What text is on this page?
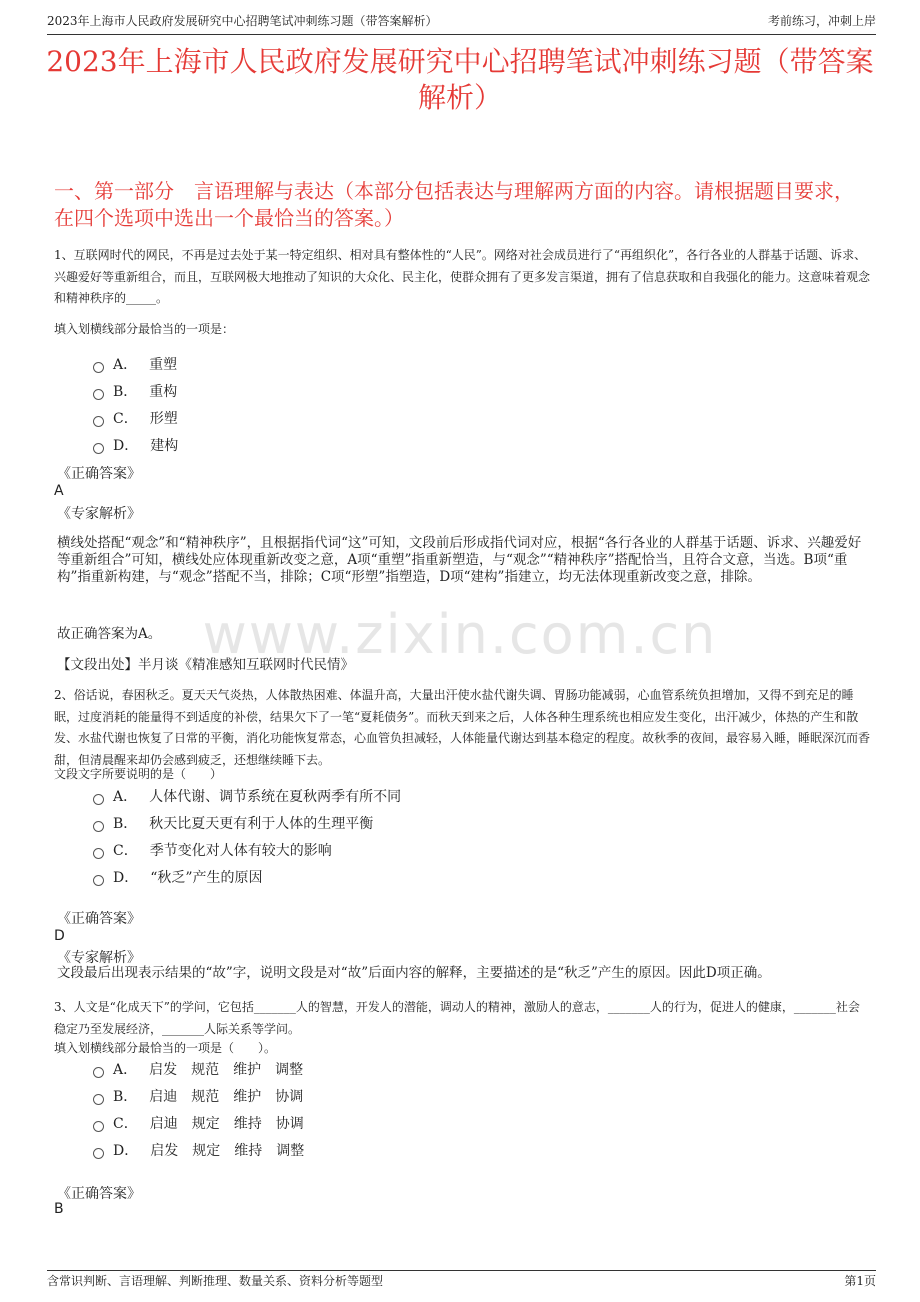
2023年上海市人民政府发展研究中心招聘笔试冲刺练习题（带答案解析）	考前练习，冲刺上岸
2023年上海市人民政府发展研究中心招聘笔试冲刺练习题（带答案解析）
一、第一部分　言语理解与表达（本部分包括表达与理解两方面的内容。请根据题目要求，在四个选项中选出一个最恰当的答案。）
1、互联网时代的网民，不再是过去处于某一特定组织、相对具有整体性的“人民”。网络对社会成员进行了“再组织化”，各行各业的人群基于话题、诉求、兴趣爱好等重新组合，而且，互联网极大地推动了知识的大众化、民主化，使群众拥有了更多发言渠道，拥有了信息获取和自我强化的能力。这意味着观念和精神秩序的_____。
填入划横线部分最恰当的一项是：
A． 重塑
B． 重构
C． 形塑
D． 建构
《正确答案》
A
《专家解析》
横线处搭配“观念”和“精神秩序”，且根据指代词“这”可知，文段前后形成指代词对应，根据“各行各业的人群基于话题、诉求、兴趣爱好等重新组合”可知，横线处应体现重新改变之意，A项“重塑”指重新塑造，与“观念”“精神秩序”搭配恰当，且符合文意，当选。B项“重构”指重新构建，与“观念”搭配不当，排除；C项“形塑”指塑造，D项“建构”指建立，均无法体现重新改变之意，排除。
故正确答案为A。 www.zixin.com.cn
【文段出处】半月谈《精准感知互联网时代民情》
2、俗话说，春困秋乏。夏天天气炎热，人体散热困难、体温升高，大量出汗使水盐代谢失调、胃肠功能减弱，心血管系统负担增加，又得不到充足的睡眠，过度消耗的能量得不到适度的补偿，结果欠下了一笔“夏耗债务”。而秋天到来之后，人体各种生理系统也相应发生变化，出汗减少，体热的产生和散发、水盐代谢也恢复了日常的平衡，消化功能恢复常态，心血管负担减轻，人体能量代谢达到基本稳定的程度。故秋季的夜间，最容易入睡，睡眠深沉而香甜，但清晨醒来却仍会感到疲乏，还想继续睡下去。
文段文字所要说明的是（　　）
A． 人体代谢、调节系统在夏秋两季有所不同
B． 秋天比夏天更有利于人体的生理平衡
C． 季节变化对人体有较大的影响
D． “秋乏”产生的原因
《正确答案》
D
《专家解析》
文段最后出现表示结果的“故”字，说明文段是对“故”后面内容的解释，主要描述的是“秋乏”产生的原因。因此D项正确。
3、人文是“化成天下”的学问，它包括_______人的智慧，开发人的潜能，调动人的精神，激励人的意志，_______人的行为，促进人的健康，_______社会稳定乃至发展经济，_______人际关系等学问。
填入划横线部分最恰当的一项是（　　）。
A． 启发　规范　维护　调整
B． 启迪　规范　维护　协调
C． 启迪　规定　维持　协调
D． 启发　规定　维持　调整
《正确答案》
B
含常识判断、言语理解、判断推理、数量关系、资料分析等题型	第1页
